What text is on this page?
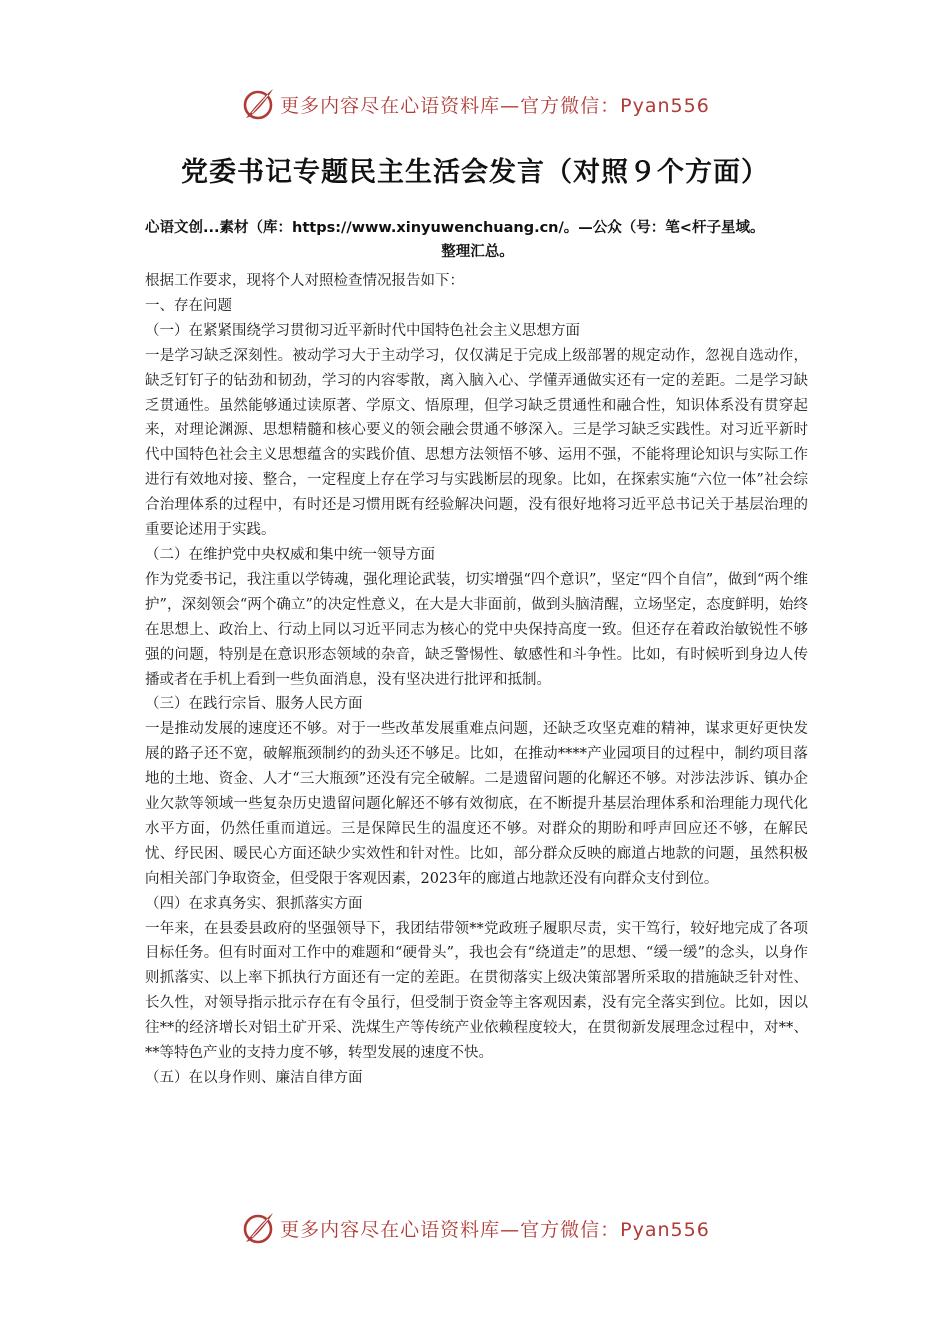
更多内容尽在心语资料库—官方微信：Pyan556
党委书记专题民主生活会发言（对照９个方面）
心语文创...素材（库：https://www.xinyuwenchuang.cn/。—公众（号：笔<杆子星域。
整理汇总。

根据工作要求，现将个人对照检查情况报告如下：

一、存在问题

（一）在紧紧围绕学习贯彻习近平新时代中国特色社会主义思想方面

一是学习缺乏深刻性。被动学习大于主动学习，仅仅满足于完成上级部署的规定动作，忽视自选动作，缺乏钉钉子的钻劲和韧劲，学习的内容零散，离入脑入心、学懂弄通做实还有一定的差距。二是学习缺乏贯通性。虽然能够通过读原著、学原文、悟原理，但学习缺乏贯通性和融合性，知识体系没有贯穿起来，对理论渊源、思想精髓和核心要义的领会融会贯通不够深入。三是学习缺乏实践性。对习近平新时代中国特色社会主义思想蕴含的实践价值、思想方法领悟不够、运用不强，不能将理论知识与实际工作进行有效地对接、整合，一定程度上存在学习与实践断层的现象。比如，在探索实施“六位一体”社会综合治理体系的过程中，有时还是习惯用既有经验解决问题，没有很好地将习近平总书记关于基层治理的重要论述用于实践。

（二）在维护党中央权威和集中统一领导方面

作为党委书记，我注重以学铸魂，强化理论武装，切实增强“四个意识”，坚定“四个自信”，做到“两个维护”，深刻领会“两个确立”的决定性意义，在大是大非面前，做到头脑清醒，立场坚定，态度鲜明，始终在思想上、政治上、行动上同以习近平同志为核心的党中央保持高度一致。但还存在着政治敏锐性不够强的问题，特别是在意识形态领域的杂音，缺乏警惕性、敏感性和斗争性。比如，有时候听到身边人传播或者在手机上看到一些负面消息，没有坚决进行批评和抵制。

（三）在践行宗旨、服务人民方面

一是推动发展的速度还不够。对于一些改革发展重难点问题，还缺乏攻坚克难的精神，谋求更好更快发展的路子还不宽，破解瓶颈制约的劲头还不够足。比如，在推动****产业园项目的过程中，制约项目落地的土地、资金、人才“三大瓶颈”还没有完全破解。二是遗留问题的化解还不够。对涉法涉诉、镇办企业欠款等领域一些复杂历史遗留问题化解还不够有效彻底，在不断提升基层治理体系和治理能力现代化水平方面，仍然任重而道远。三是保障民生的温度还不够。对群众的期盼和呼声回应还不够，在解民忧、纾民困、暖民心方面还缺少实效性和针对性。比如，部分群众反映的廊道占地款的问题，虽然积极向相关部门争取资金，但受限于客观因素，2023年的廊道占地款还没有向群众支付到位。

（四）在求真务实、狠抓落实方面

一年来，在县委县政府的坚强领导下，我团结带领**党政班子履职尽责，实干笃行，较好地完成了各项目标任务。但有时面对工作中的难题和“硬骨头”，我也会有“绕道走”的思想、“缓一缓”的念头，以身作则抓落实、以上率下抓执行方面还有一定的差距。在贯彻落实上级决策部署所采取的措施缺乏针对性、长久性，对领导指示批示存在有令虽行，但受制于资金等主客观因素，没有完全落实到位。比如，因以往**的经济增长对铝土矿开采、洗煤生产等传统产业依赖程度较大，在贯彻新发展理念过程中，对**、**等特色产业的支持力度不够，转型发展的速度不快。

（五）在以身作则、廉洁自律方面

更多内容尽在心语资料库—官方微信：Pyan556
